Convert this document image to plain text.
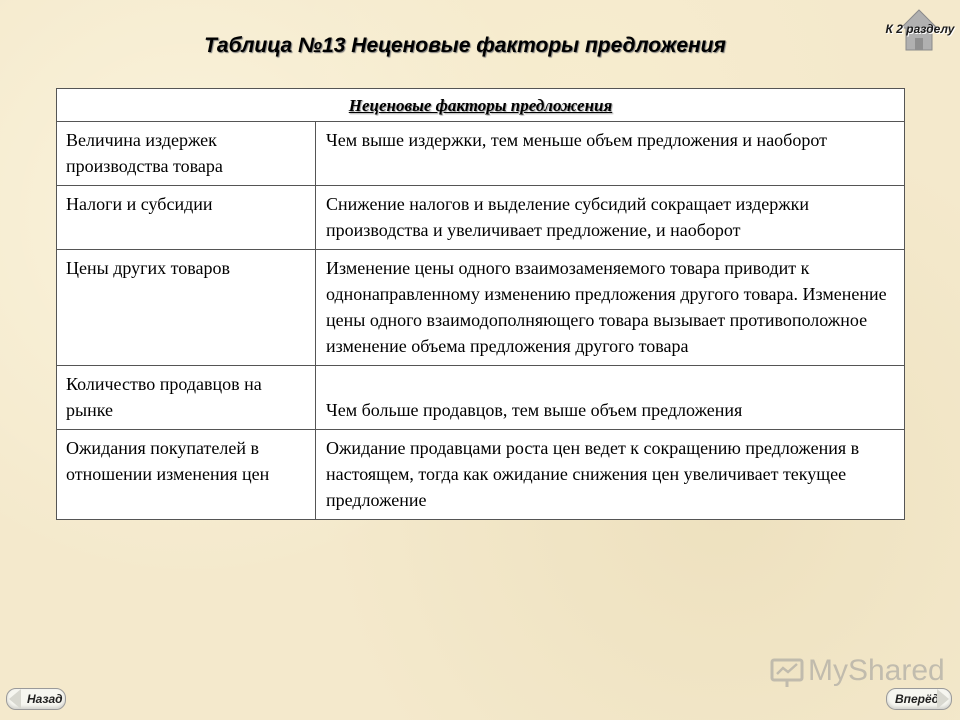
Таблица №13 Неценовые факторы предложения
К 2 разделу
Неценовые факторы предложения	
Величина издержек производства товара	Чем выше издержки, тем меньше объем предложения и наоборот
Налоги и субсидии	Снижение налогов и выделение субсидий сокращает издержки производства и увеличивает предложение, и наоборот
Цены других товаров	Изменение цены одного взаимозаменяемого товара приводит к однонаправленному изменению предложения другого товара. Изменение цены одного взаимодополняющего товара вызывает противоположное изменение объема предложения другого товара
Количество продавцов на рынке	Чем больше продавцов, тем выше объем предложения
Ожидания покупателей в отношении изменения цен	Ожидание продавцами роста цен ведет к сокращению предложения в настоящем, тогда как ожидание снижения цен увеличивает текущее предложение
MyShared
Назад	Вперёд
